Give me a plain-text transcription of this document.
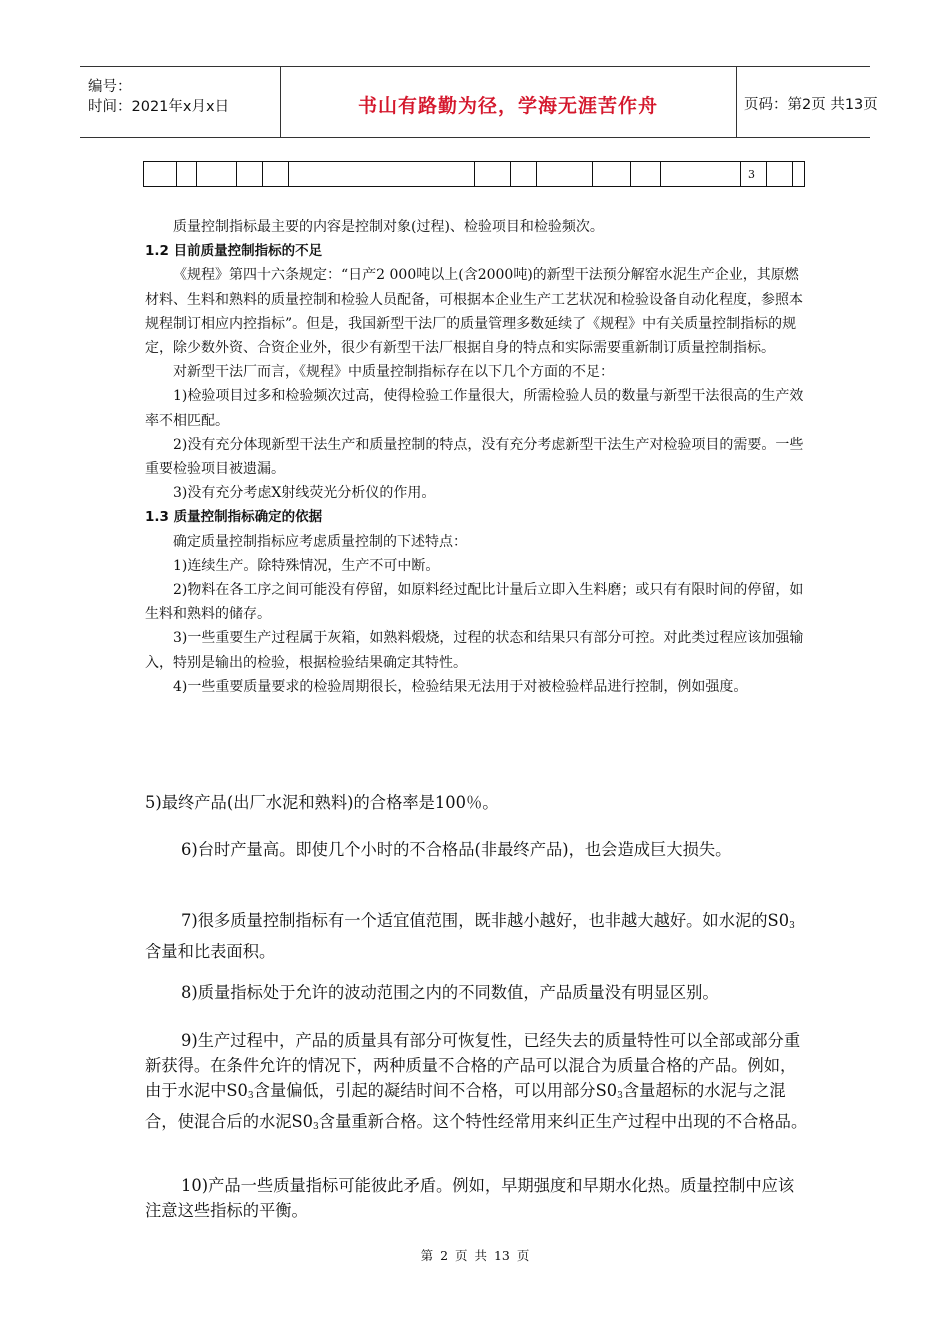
编号：
时间：2021年x月x日	书山有路勤为径，学海无涯苦作舟	页码：第2页 共13页
3
质量控制指标最主要的内容是控制对象(过程)、检验项目和检验频次。
1.2 目前质量控制指标的不足
《规程》第四十六条规定：“日产2 000吨以上(含2000吨)的新型干法预分解窑水泥生产企业，其原燃材料、生料和熟料的质量控制和检验人员配备，可根据本企业生产工艺状况和检验设备自动化程度，参照本规程制订相应内控指标”。但是，我国新型干法厂的质量管理多数延续了《规程》中有关质量控制指标的规定，除少数外资、合资企业外，很少有新型干法厂根据自身的特点和实际需要重新制订质量控制指标。
对新型干法厂而言，《规程》中质量控制指标存在以下几个方面的不足：
1)检验项目过多和检验频次过高，使得检验工作量很大，所需检验人员的数量与新型干法很高的生产效率不相匹配。
2)没有充分体现新型干法生产和质量控制的特点，没有充分考虑新型干法生产对检验项目的需要。一些重要检验项目被遗漏。
3)没有充分考虑X射线荧光分析仪的作用。
1.3 质量控制指标确定的依据
确定质量控制指标应考虑质量控制的下述特点：
1)连续生产。除特殊情况，生产不可中断。
2)物料在各工序之间可能没有停留，如原料经过配比计量后立即入生料磨；或只有有限时间的停留，如生料和熟料的储存。
3)一些重要生产过程属于灰箱，如熟料煅烧，过程的状态和结果只有部分可控。对此类过程应该加强输入，特别是输出的检验，根据检验结果确定其特性。
4)一些重要质量要求的检验周期很长，检验结果无法用于对被检验样品进行控制，例如强度。

5)最终产品(出厂水泥和熟料)的合格率是100％。

6)台时产量高。即使几个小时的不合格品(非最终产品)，也会造成巨大损失。

7)很多质量控制指标有一个适宜值范围，既非越小越好，也非越大越好。如水泥的$S0_3$含量和比表面积。

8)质量指标处于允许的波动范围之内的不同数值，产品质量没有明显区别。

9)生产过程中，产品的质量具有部分可恢复性，已经失去的质量特性可以全部或部分重新获得。在条件允许的情况下，两种质量不合格的产品可以混合为质量合格的产品。例如，由于水泥中$S0_3$含量偏低，引起的凝结时间不合格，可以用部分$S0_3$含量超标的水泥与之混合，使混合后的水泥$S0_3$含量重新合格。这个特性经常用来纠正生产过程中出现的不合格品。

10)产品一些质量指标可能彼此矛盾。例如，早期强度和早期水化热。质量控制中应该注意这些指标的平衡。

第 2 页 共 13 页
